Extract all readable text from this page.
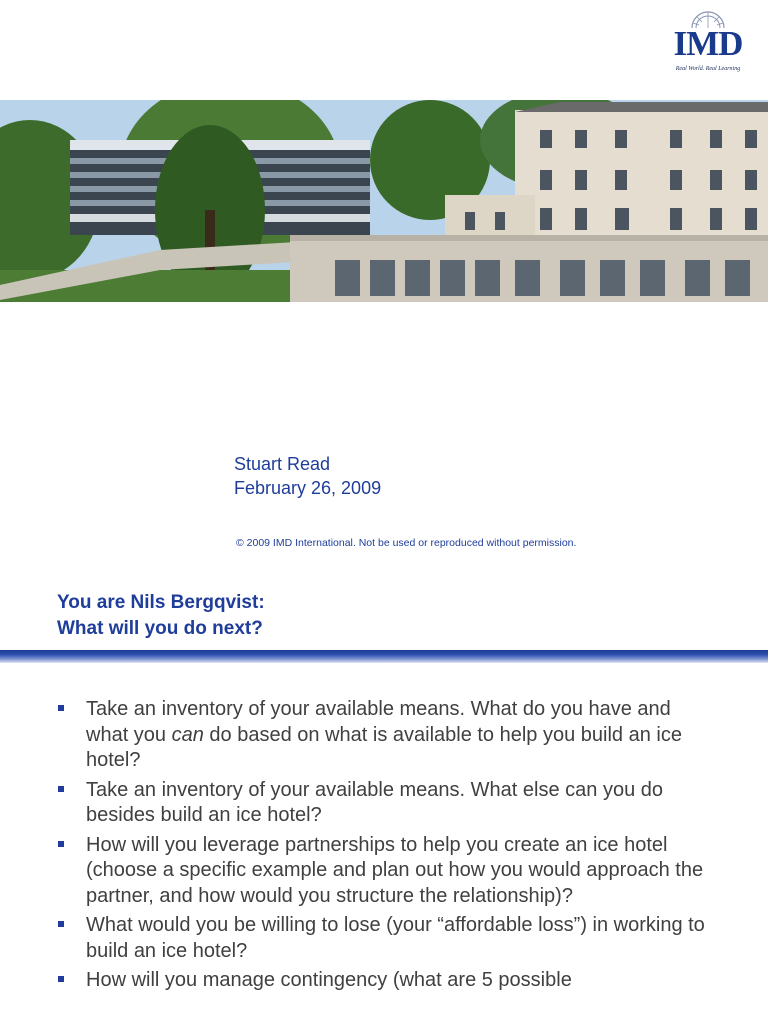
IMD
Real World. Real Learning
Stuart Read
February 26, 2009
© 2009 IMD International. Not be used or reproduced without permission.
You are Nils Bergqvist:
What will you do next?
Take an inventory of your available means. What do you have and what you can do based on what is available to help you build an ice hotel?
Take an inventory of your available means. What else can you do besides build an ice hotel?
How will you leverage partnerships to help you create an ice hotel (choose a specific example and plan out how you would approach the partner, and how would you structure the relationship)?
What would you be willing to lose (your “affordable loss”) in working to build an ice hotel?
How will you manage contingency (what are 5 possible
